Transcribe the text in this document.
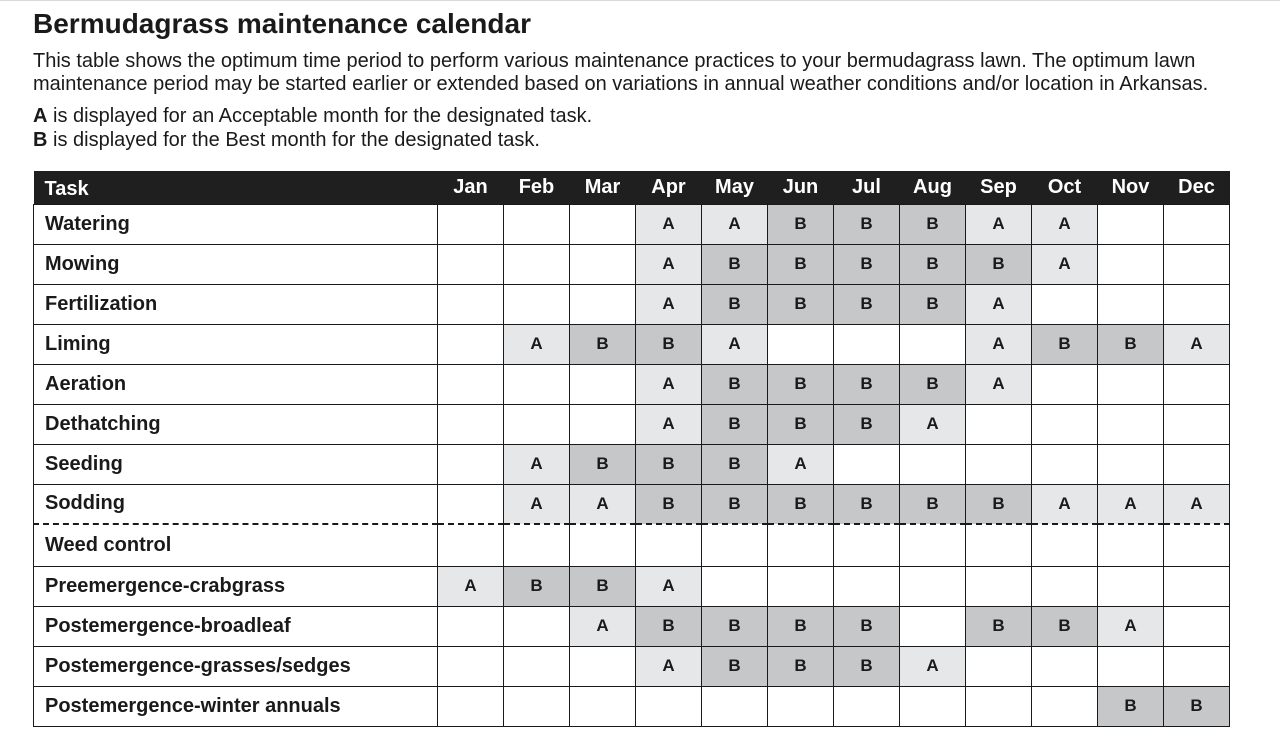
Bermudagrass maintenance calendar

This table shows the optimum time period to perform various maintenance practices to your bermudagrass lawn. The optimum lawn maintenance period may be started earlier or extended based on variations in annual weather conditions and/or location in Arkansas.

A is displayed for an Acceptable month for the designated task.

B is displayed for the Best month for the designated task.

Task	Jan	Feb	Mar	Apr	May	Jun	Jul	Aug	Sep	Oct	Nov	Dec
Watering				A	A	B	B	B	A	A		
Mowing				A	B	B	B	B	B	A		
Fertilization				A	B	B	B	B	A			
Liming		A	B	B	A				A	B	B	A
Aeration				A	B	B	B	B	A			
Dethatching				A	B	B	B	A				
Seeding		A	B	B	B	A						
Sodding		A	A	B	B	B	B	B	B	A	A	A
Weed control												
Preemergence-crabgrass	A	B	B	A								
Postemergence-broadleaf			A	B	B	B	B		B	B	A	
Postemergence-grasses/sedges				A	B	B	B	A				
Postemergence-winter annuals											B	B
